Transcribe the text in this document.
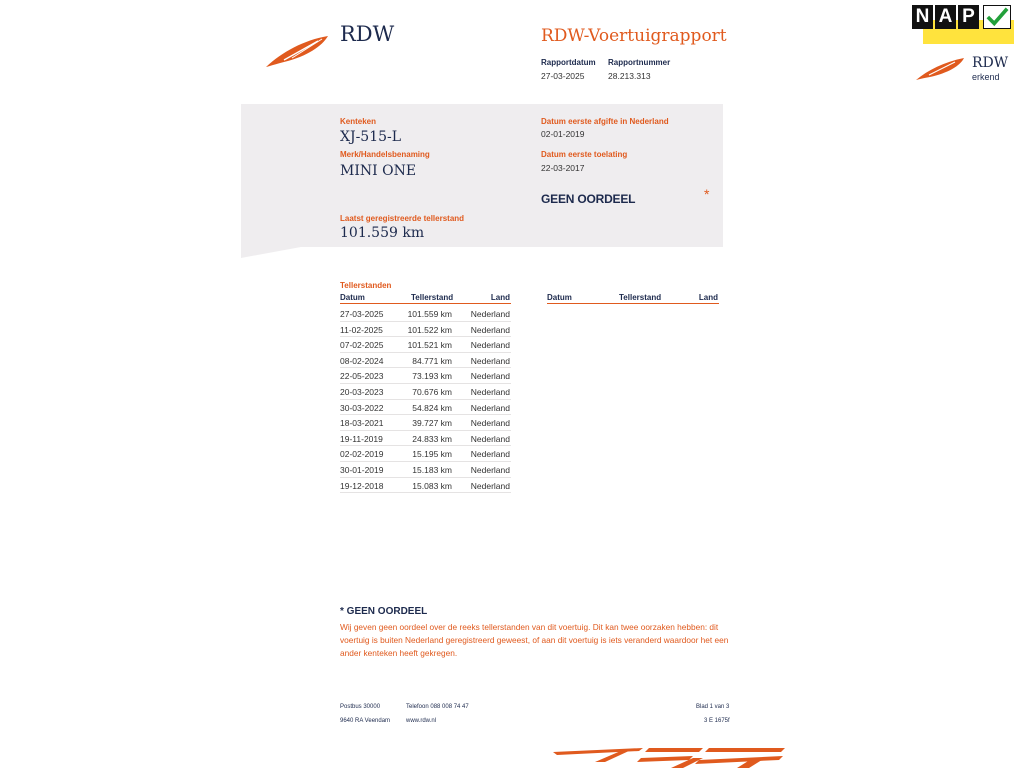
RDW	RDW-Voertuigrapport
Rapportdatum
27-03-2025
Rapportnummer
28.213.313
N A P
RDW
erkend
Kenteken
XJ-515-L
Merk/Handelsbenaming
MINI ONE
Laatst geregistreerde tellerstand
101.559 km
Datum eerste afgifte in Nederland
02-01-2019
Datum eerste toelating
22-03-2017
GEEN OORDEEL	*
Tellerstanden
Datum	Tellerstand	Land	Datum	Tellerstand	Land
27-03-2025	101.559 km Nederland
11-02-2025	101.522 km Nederland
07-02-2025	101.521 km Nederland
08-02-2024	84.771 km Nederland
22-05-2023	73.193 km Nederland
20-03-2023	70.676 km Nederland
30-03-2022	54.824 km Nederland
18-03-2021	39.727 km Nederland
19-11-2019	24.833 km Nederland
02-02-2019	15.195 km Nederland
30-01-2019	15.183 km Nederland
19-12-2018	15.083 km Nederland
* GEEN OORDEEL
Wij geven geen oordeel over de reeks tellerstanden van dit voertuig. Dit kan twee oorzaken hebben: dit voertuig is buiten Nederland geregistreerd geweest, of aan dit voertuig is iets veranderd waardoor het een ander kenteken heeft gekregen.
Postbus 30000
9640 RA Veendam
Telefoon 088 008 74 47
www.rdw.nl
Blad 1 van 3
3 E 1675f
